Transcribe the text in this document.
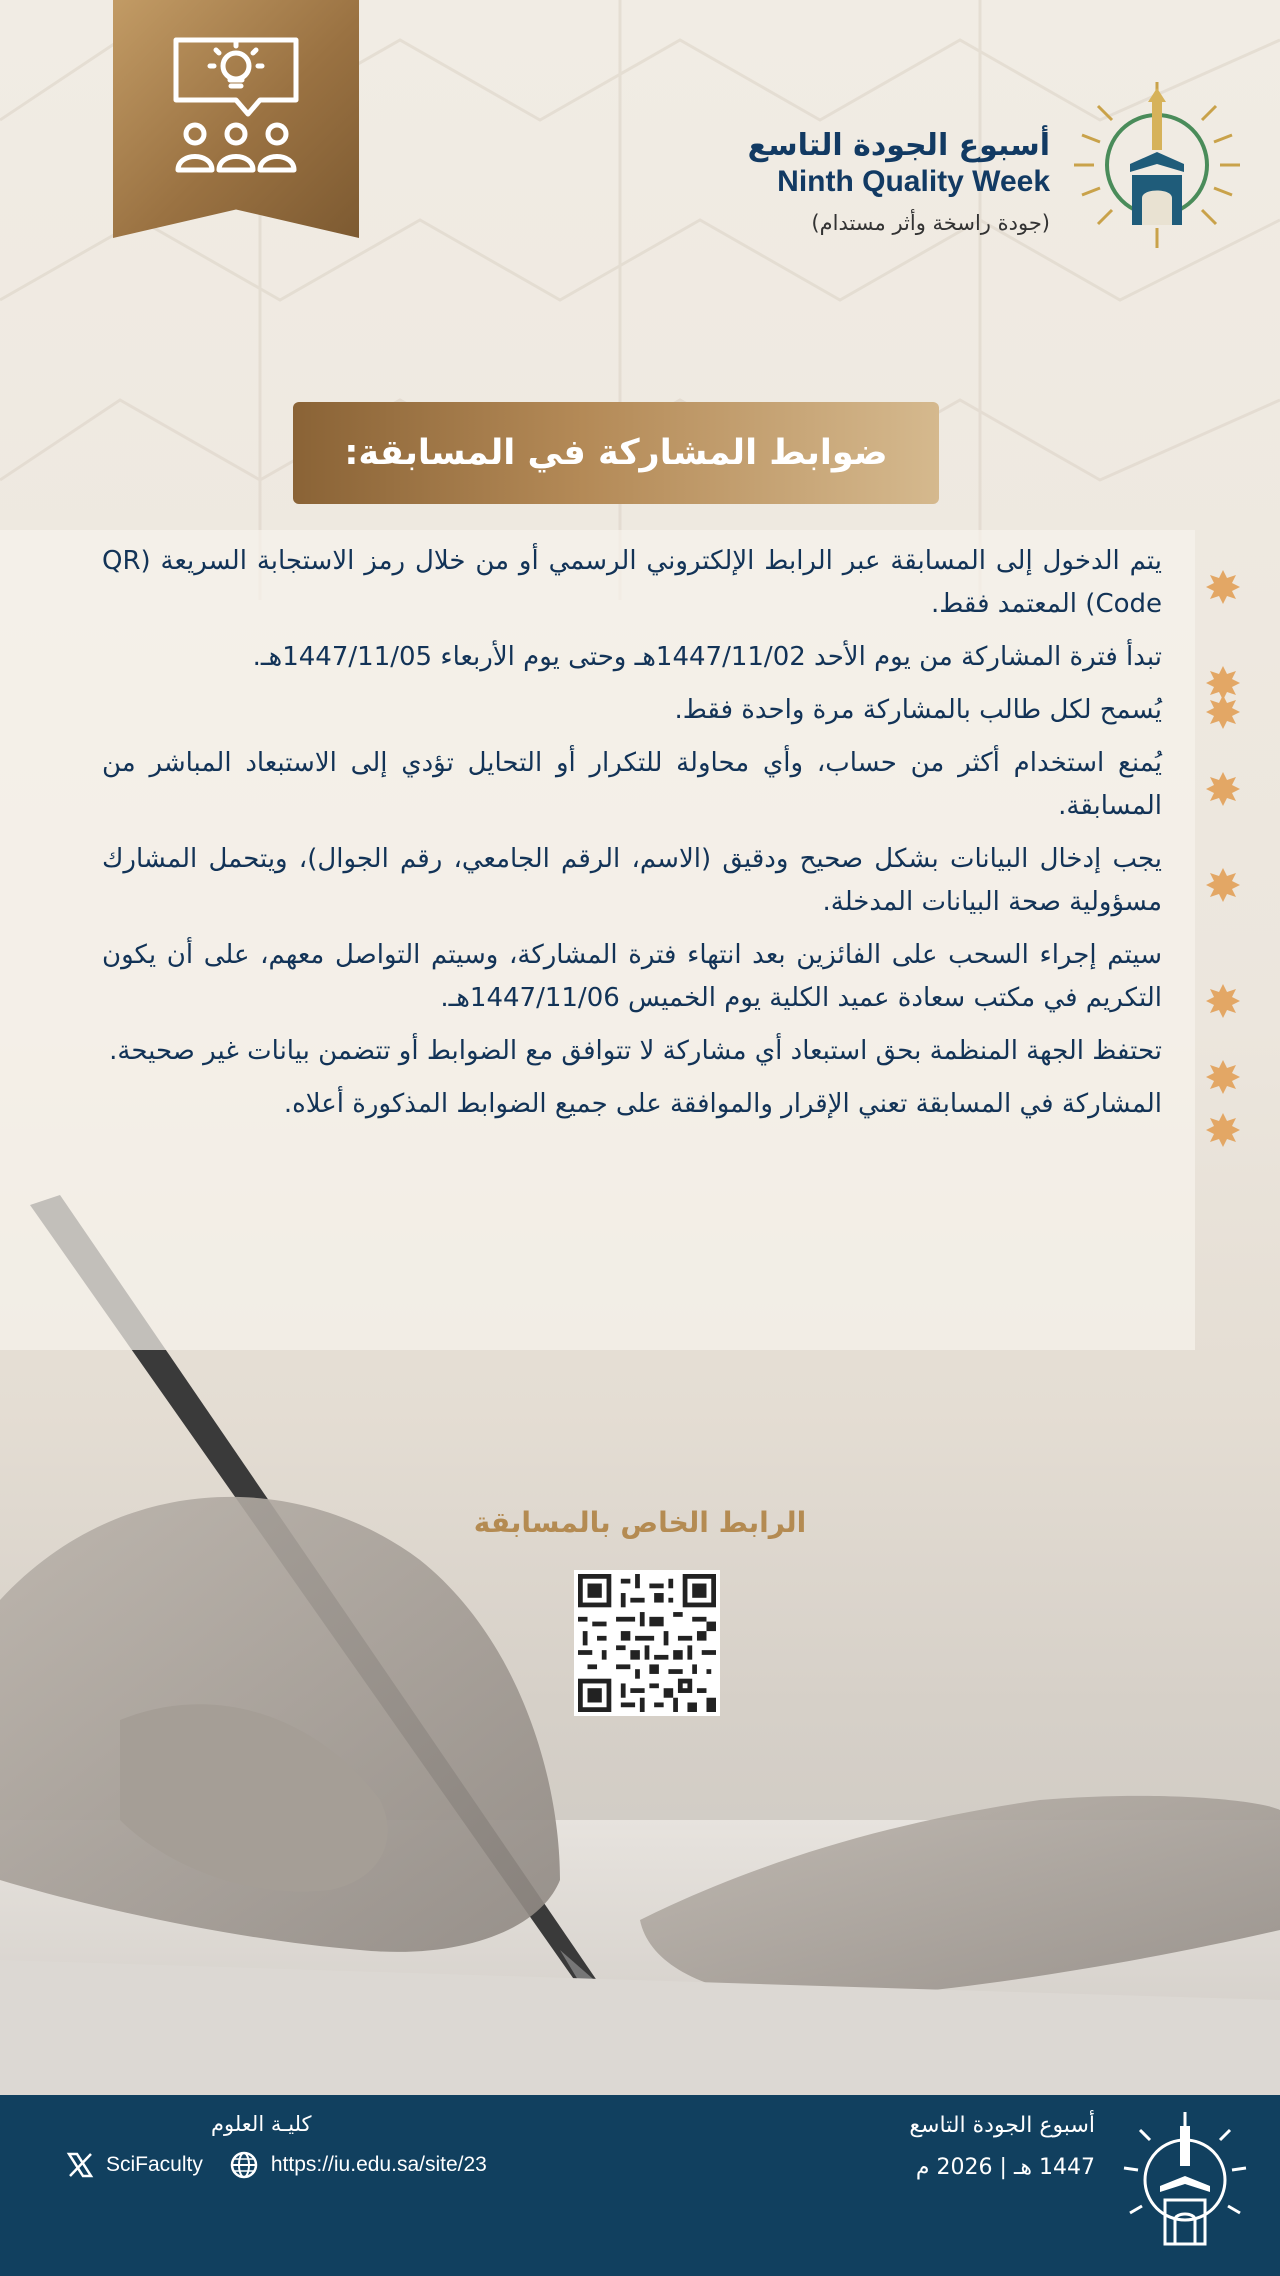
أسبوع الجودة التاسع
Ninth Quality Week
(جودة راسخة وأثر مستدام)
ضوابط المشاركة في المسابقة:
يتم الدخول إلى المسابقة عبر الرابط الإلكتروني الرسمي أو من خلال رمز الاستجابة السريعة (QR Code) المعتمد فقط.
تبدأ فترة المشاركة من يوم الأحد 1447/11/02هـ وحتى يوم الأربعاء 1447/11/05هـ.
يُسمح لكل طالب بالمشاركة مرة واحدة فقط.
يُمنع استخدام أكثر من حساب، وأي محاولة للتكرار أو التحايل تؤدي إلى الاستبعاد المباشر من المسابقة.
يجب إدخال البيانات بشكل صحيح ودقيق (الاسم، الرقم الجامعي، رقم الجوال)، ويتحمل المشارك مسؤولية صحة البيانات المدخلة.
سيتم إجراء السحب على الفائزين بعد انتهاء فترة المشاركة، وسيتم التواصل معهم، على أن يكون التكريم في مكتب سعادة عميد الكلية يوم الخميس 1447/11/06هـ.
تحتفظ الجهة المنظمة بحق استبعاد أي مشاركة لا تتوافق مع الضوابط أو تتضمن بيانات غير صحيحة.
المشاركة في المسابقة تعني الإقرار والموافقة على جميع الضوابط المذكورة أعلاه.
الرابط الخاص بالمسابقة
أسبوع الجودة التاسع
1447 هـ | 2026 م
كليـة العلوم
SciFaculty	https://iu.edu.sa/site/23
